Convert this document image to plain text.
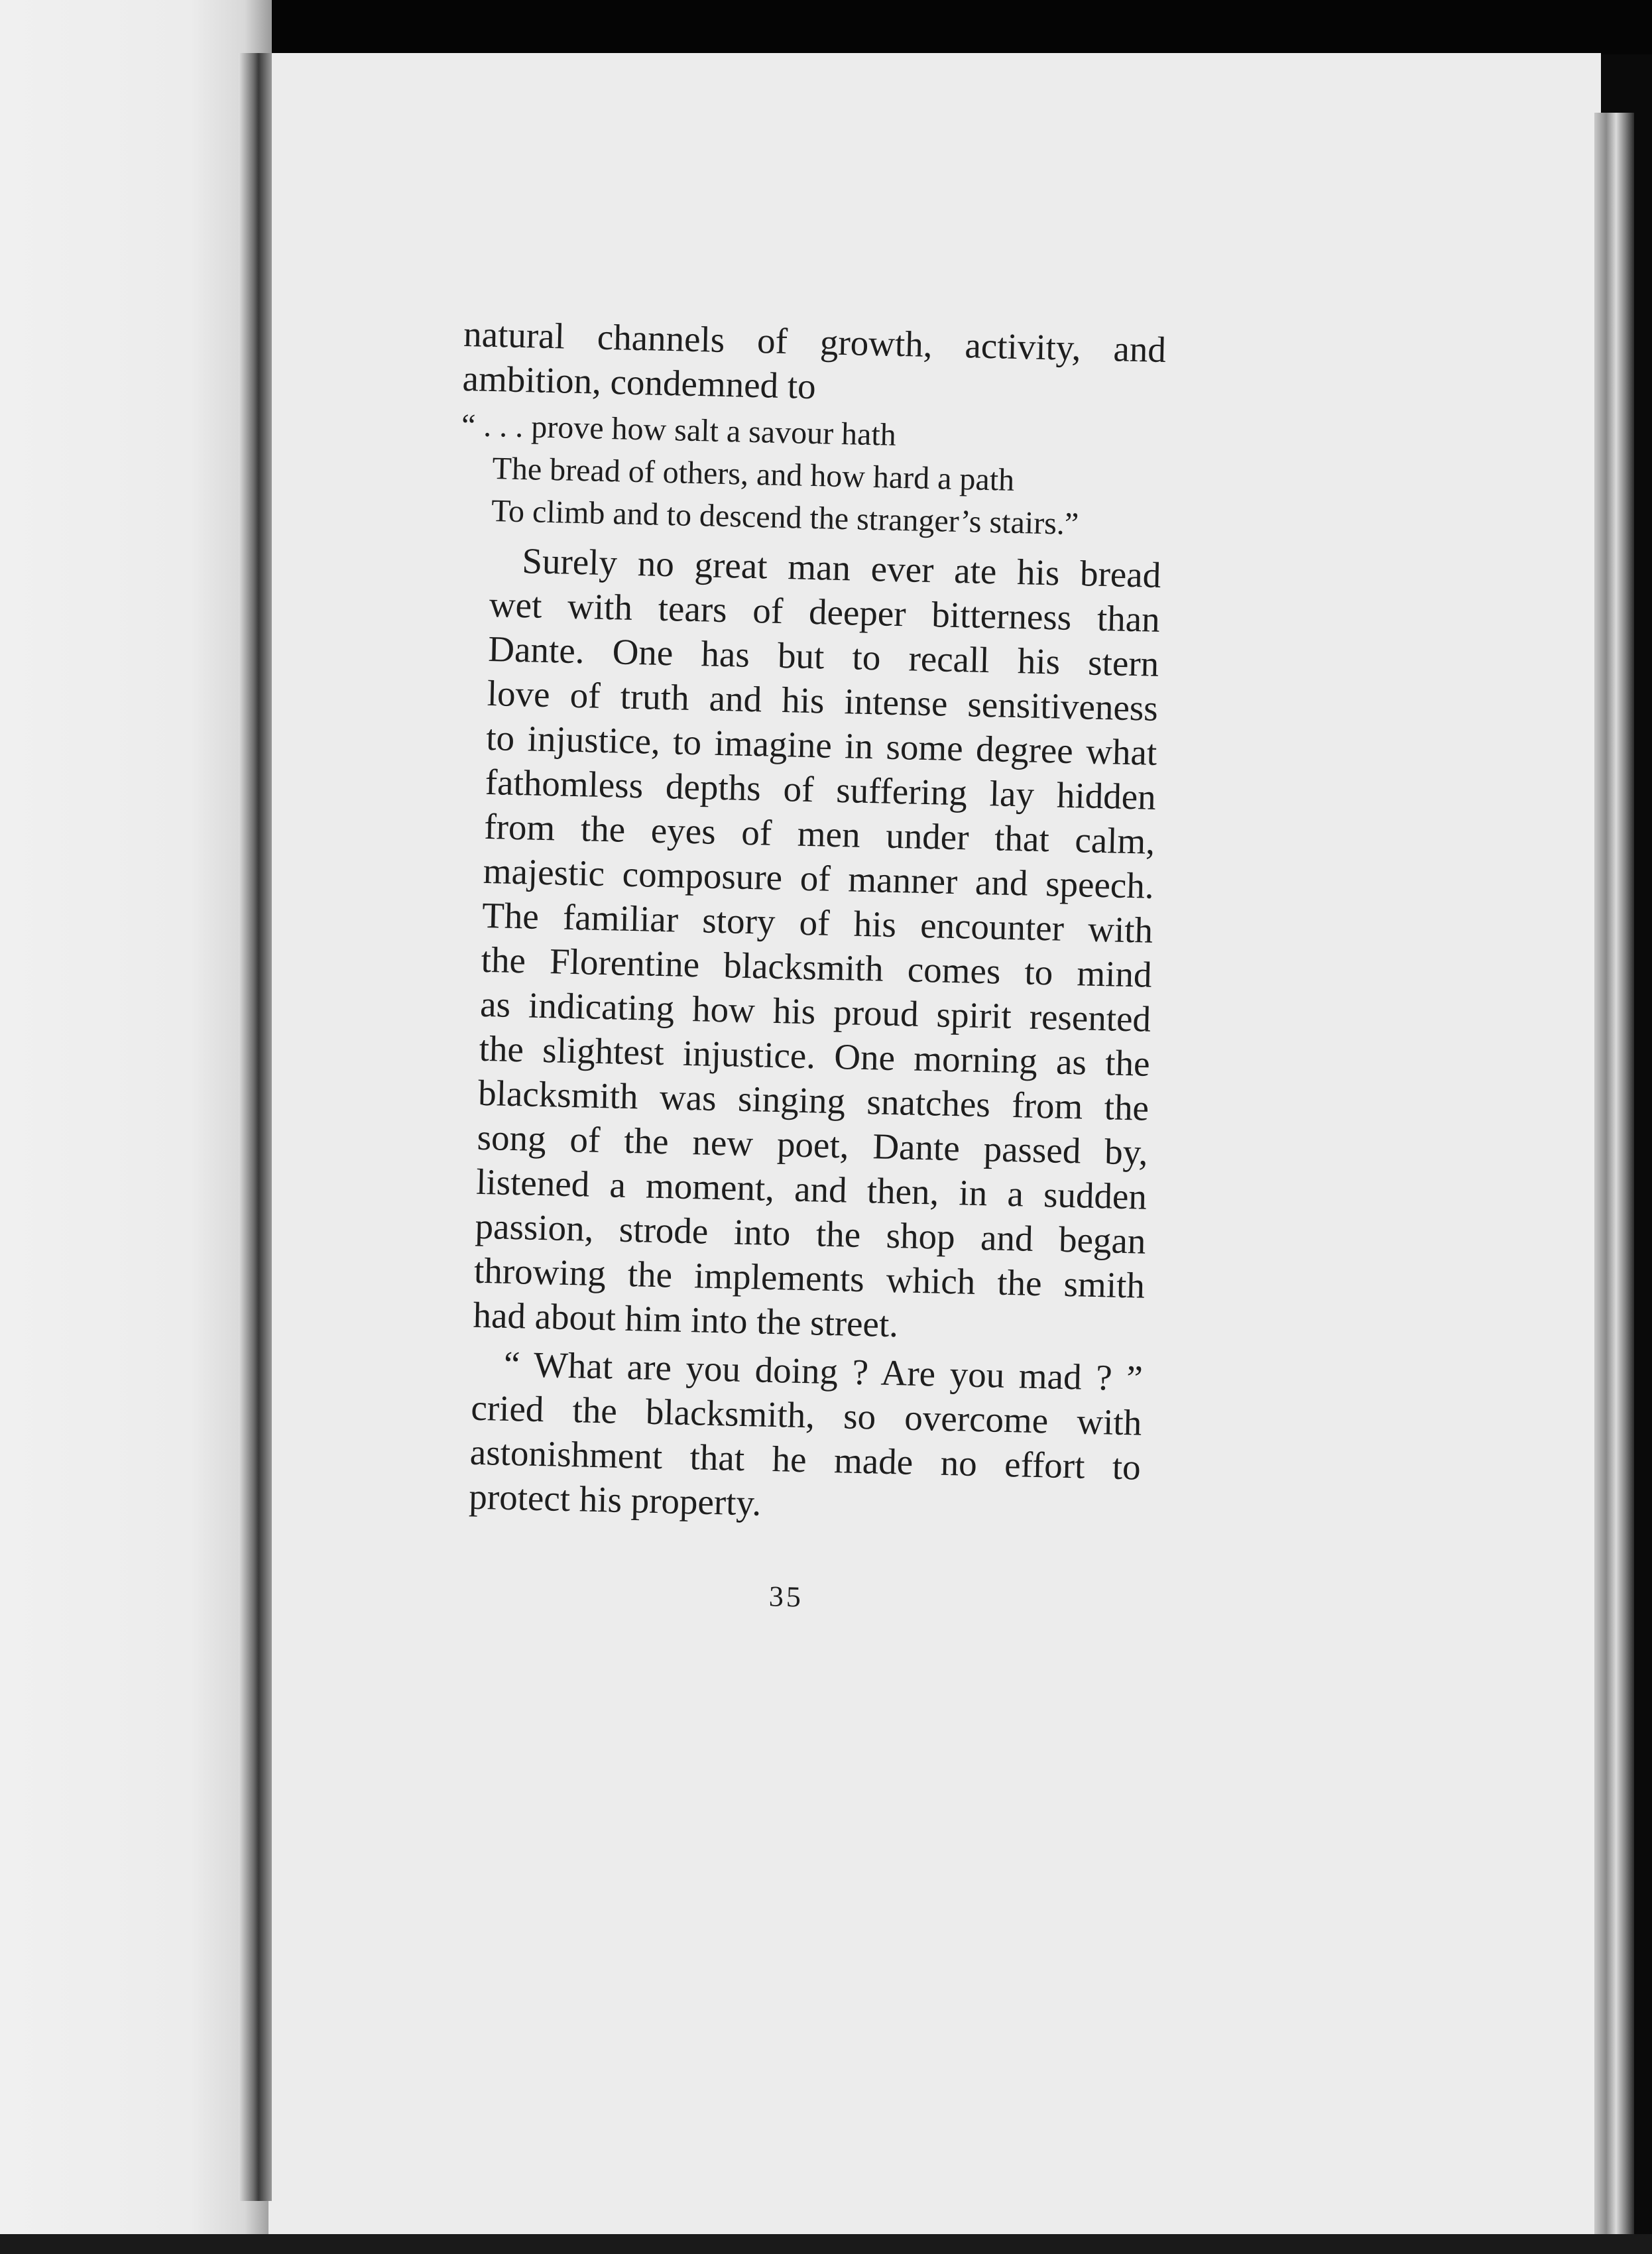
natural channels of growth, activity, and
ambition, condemned to

“ . . . prove how salt a savour hath
The bread of others, and how hard a path
To climb and to descend the stranger’s stairs.”

Surely no great man ever ate his bread
wet with tears of deeper bitterness than
Dante. One has but to recall his stern
love of truth and his intense sensitiveness
to injustice, to imagine in some degree what
fathomless depths of suffering lay hidden
from the eyes of men under that calm,
majestic composure of manner and speech.
The familiar story of his encounter with
the Florentine blacksmith comes to mind
as indicating how his proud spirit resented
the slightest injustice. One morning as the
blacksmith was singing snatches from the
song of the new poet, Dante passed by,
listened a moment, and then, in a sudden
passion, strode into the shop and began
throwing the implements which the smith
had about him into the street.

“ What are you doing ? Are you mad ? ”
cried the blacksmith, so overcome with
astonishment that he made no effort to
protect his property.

35
